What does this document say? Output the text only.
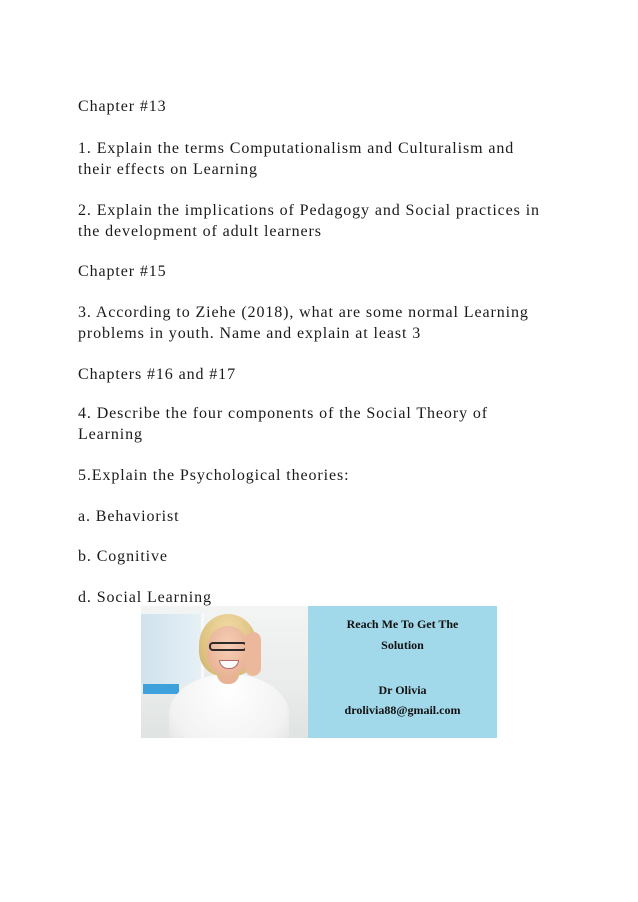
Chapter #13
1. Explain the terms Computationalism and Culturalism and
their effects on Learning
2. Explain the implications of Pedagogy and Social practices in
the development of adult learners
Chapter #15
3. According to Ziehe (2018), what are some normal Learning
problems in youth. Name and explain at least 3
Chapters #16 and #17
4. Describe the four components of the Social Theory of
Learning
5.Explain the Psychological theories:
a. Behaviorist
b. Cognitive
d. Social Learning
Reach Me To Get The
Solution
Dr Olivia
drolivia88@gmail.com
